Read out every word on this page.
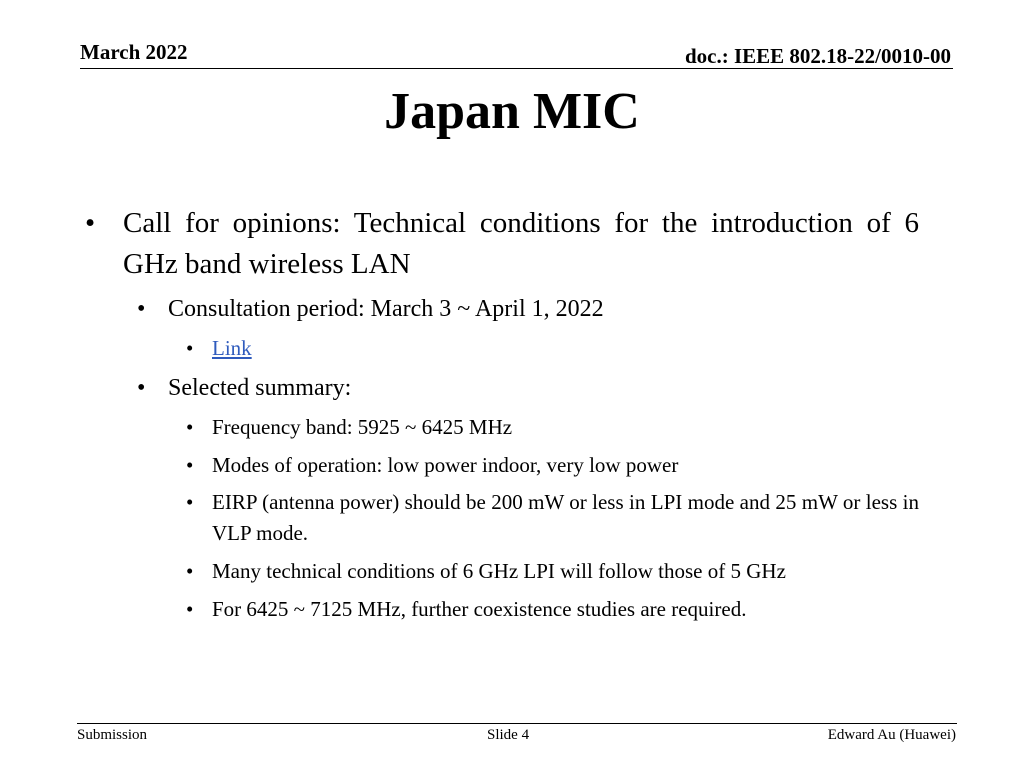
March 2022	doc.: IEEE 802.18-22/0010-00
Japan MIC
• Call for opinions: Technical conditions for the introduction of 6 GHz band wireless LAN
• Consultation period: March 3 ~ April 1, 2022
• Link
• Selected summary:
• Frequency band: 5925 ~ 6425 MHz
• Modes of operation: low power indoor, very low power
• EIRP (antenna power) should be 200 mW or less in LPI mode and 25 mW or less in VLP mode.
• Many technical conditions of 6 GHz LPI will follow those of 5 GHz
• For 6425 ~ 7125 MHz, further coexistence studies are required.
Submission	Slide 4	Edward Au (Huawei)
